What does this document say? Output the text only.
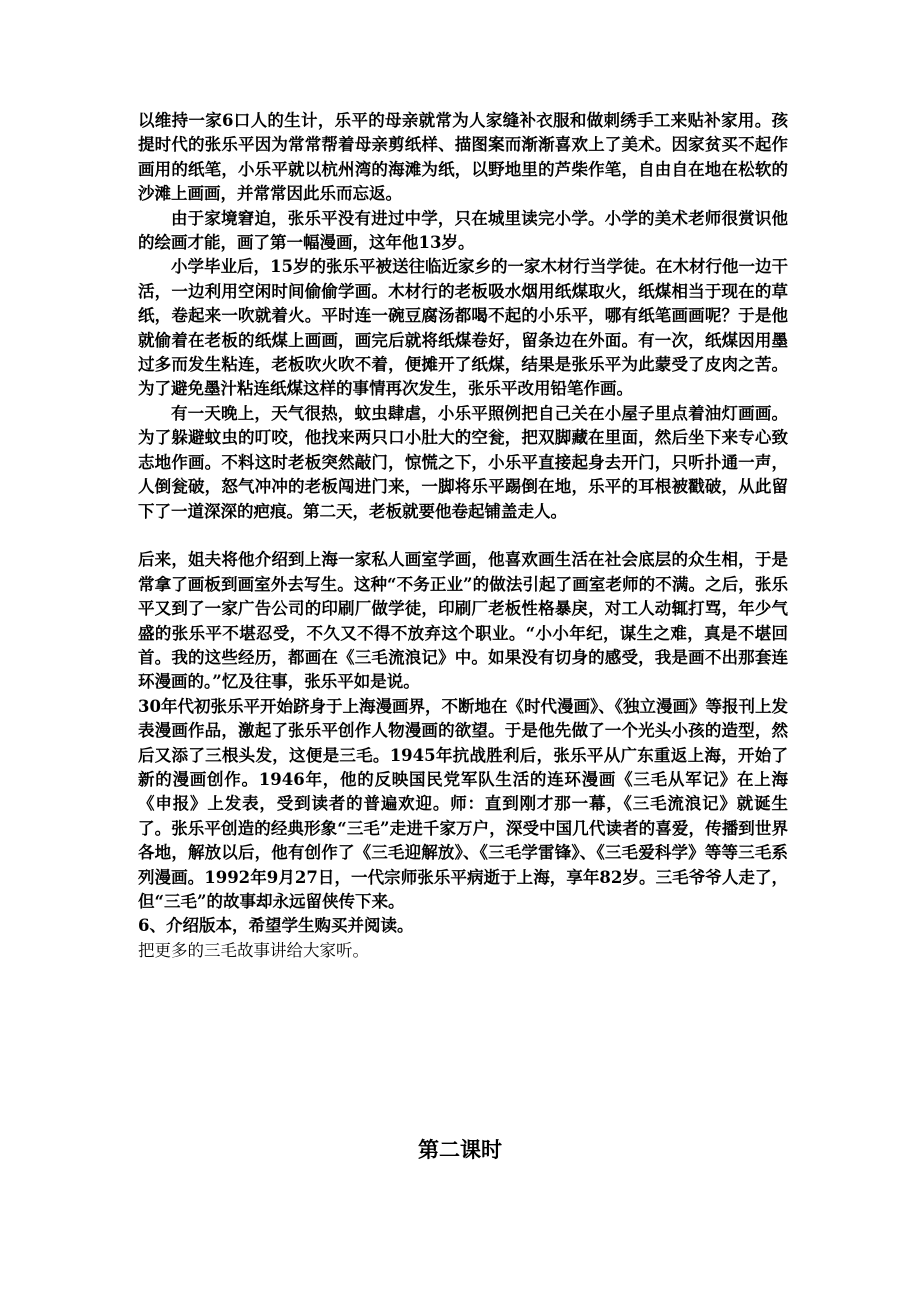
以维持一家6口人的生计，乐平的母亲就常为人家缝补衣服和做刺绣手工来贴补家用。孩提时代的张乐平因为常常帮着母亲剪纸样、描图案而渐渐喜欢上了美术。因家贫买不起作画用的纸笔，小乐平就以杭州湾的海滩为纸，以野地里的芦柴作笔，自由自在地在松软的沙滩上画画，并常常因此乐而忘返。

由于家境窘迫，张乐平没有进过中学，只在城里读完小学。小学的美术老师很赏识他的绘画才能，画了第一幅漫画，这年他13岁。

小学毕业后，15岁的张乐平被送往临近家乡的一家木材行当学徒。在木材行他一边干活，一边利用空闲时间偷偷学画。木材行的老板吸水烟用纸煤取火，纸煤相当于现在的草纸，卷起来一吹就着火。平时连一碗豆腐汤都喝不起的小乐平，哪有纸笔画画呢？于是他就偷着在老板的纸煤上画画，画完后就将纸煤卷好，留条边在外面。有一次，纸煤因用墨过多而发生粘连，老板吹火吹不着，便摊开了纸煤，结果是张乐平为此蒙受了皮肉之苦。为了避免墨汁粘连纸煤这样的事情再次发生，张乐平改用铅笔作画。

有一天晚上，天气很热，蚊虫肆虐，小乐平照例把自己关在小屋子里点着油灯画画。为了躲避蚊虫的叮咬，他找来两只口小肚大的空瓮，把双脚藏在里面，然后坐下来专心致志地作画。不料这时老板突然敲门，惊慌之下，小乐平直接起身去开门，只听扑通一声，人倒瓮破，怒气冲冲的老板闯进门来，一脚将乐平踢倒在地，乐平的耳根被戳破，从此留下了一道深深的疤痕。第二天，老板就要他卷起铺盖走人。

后来，姐夫将他介绍到上海一家私人画室学画，他喜欢画生活在社会底层的众生相，于是常拿了画板到画室外去写生。这种“不务正业”的做法引起了画室老师的不满。之后，张乐平又到了一家广告公司的印刷厂做学徒，印刷厂老板性格暴戾，对工人动辄打骂，年少气盛的张乐平不堪忍受，不久又不得不放弃这个职业。“小小年纪，谋生之难，真是不堪回首。我的这些经历，都画在《三毛流浪记》中。如果没有切身的感受，我是画不出那套连环漫画的。”忆及往事，张乐平如是说。

30年代初张乐平开始跻身于上海漫画界，不断地在《时代漫画》、《独立漫画》等报刊上发表漫画作品，激起了张乐平创作人物漫画的欲望。于是他先做了一个光头小孩的造型，然后又添了三根头发，这便是三毛。1945年抗战胜利后，张乐平从广东重返上海，开始了新的漫画创作。1946年，他的反映国民党军队生活的连环漫画《三毛从军记》在上海《申报》上发表，受到读者的普遍欢迎。师：直到刚才那一幕，《三毛流浪记》就诞生了。张乐平创造的经典形象“三毛”走进千家万户，深受中国几代读者的喜爱，传播到世界各地，解放以后，他有创作了《三毛迎解放》、《三毛学雷锋》、《三毛爱科学》等等三毛系列漫画。1992年9月27日，一代宗师张乐平病逝于上海，享年82岁。三毛爷爷人走了，但“三毛”的故事却永远留侠传下来。

6、介绍版本，希望学生购买并阅读。

把更多的三毛故事讲给大家听。

第二课时
